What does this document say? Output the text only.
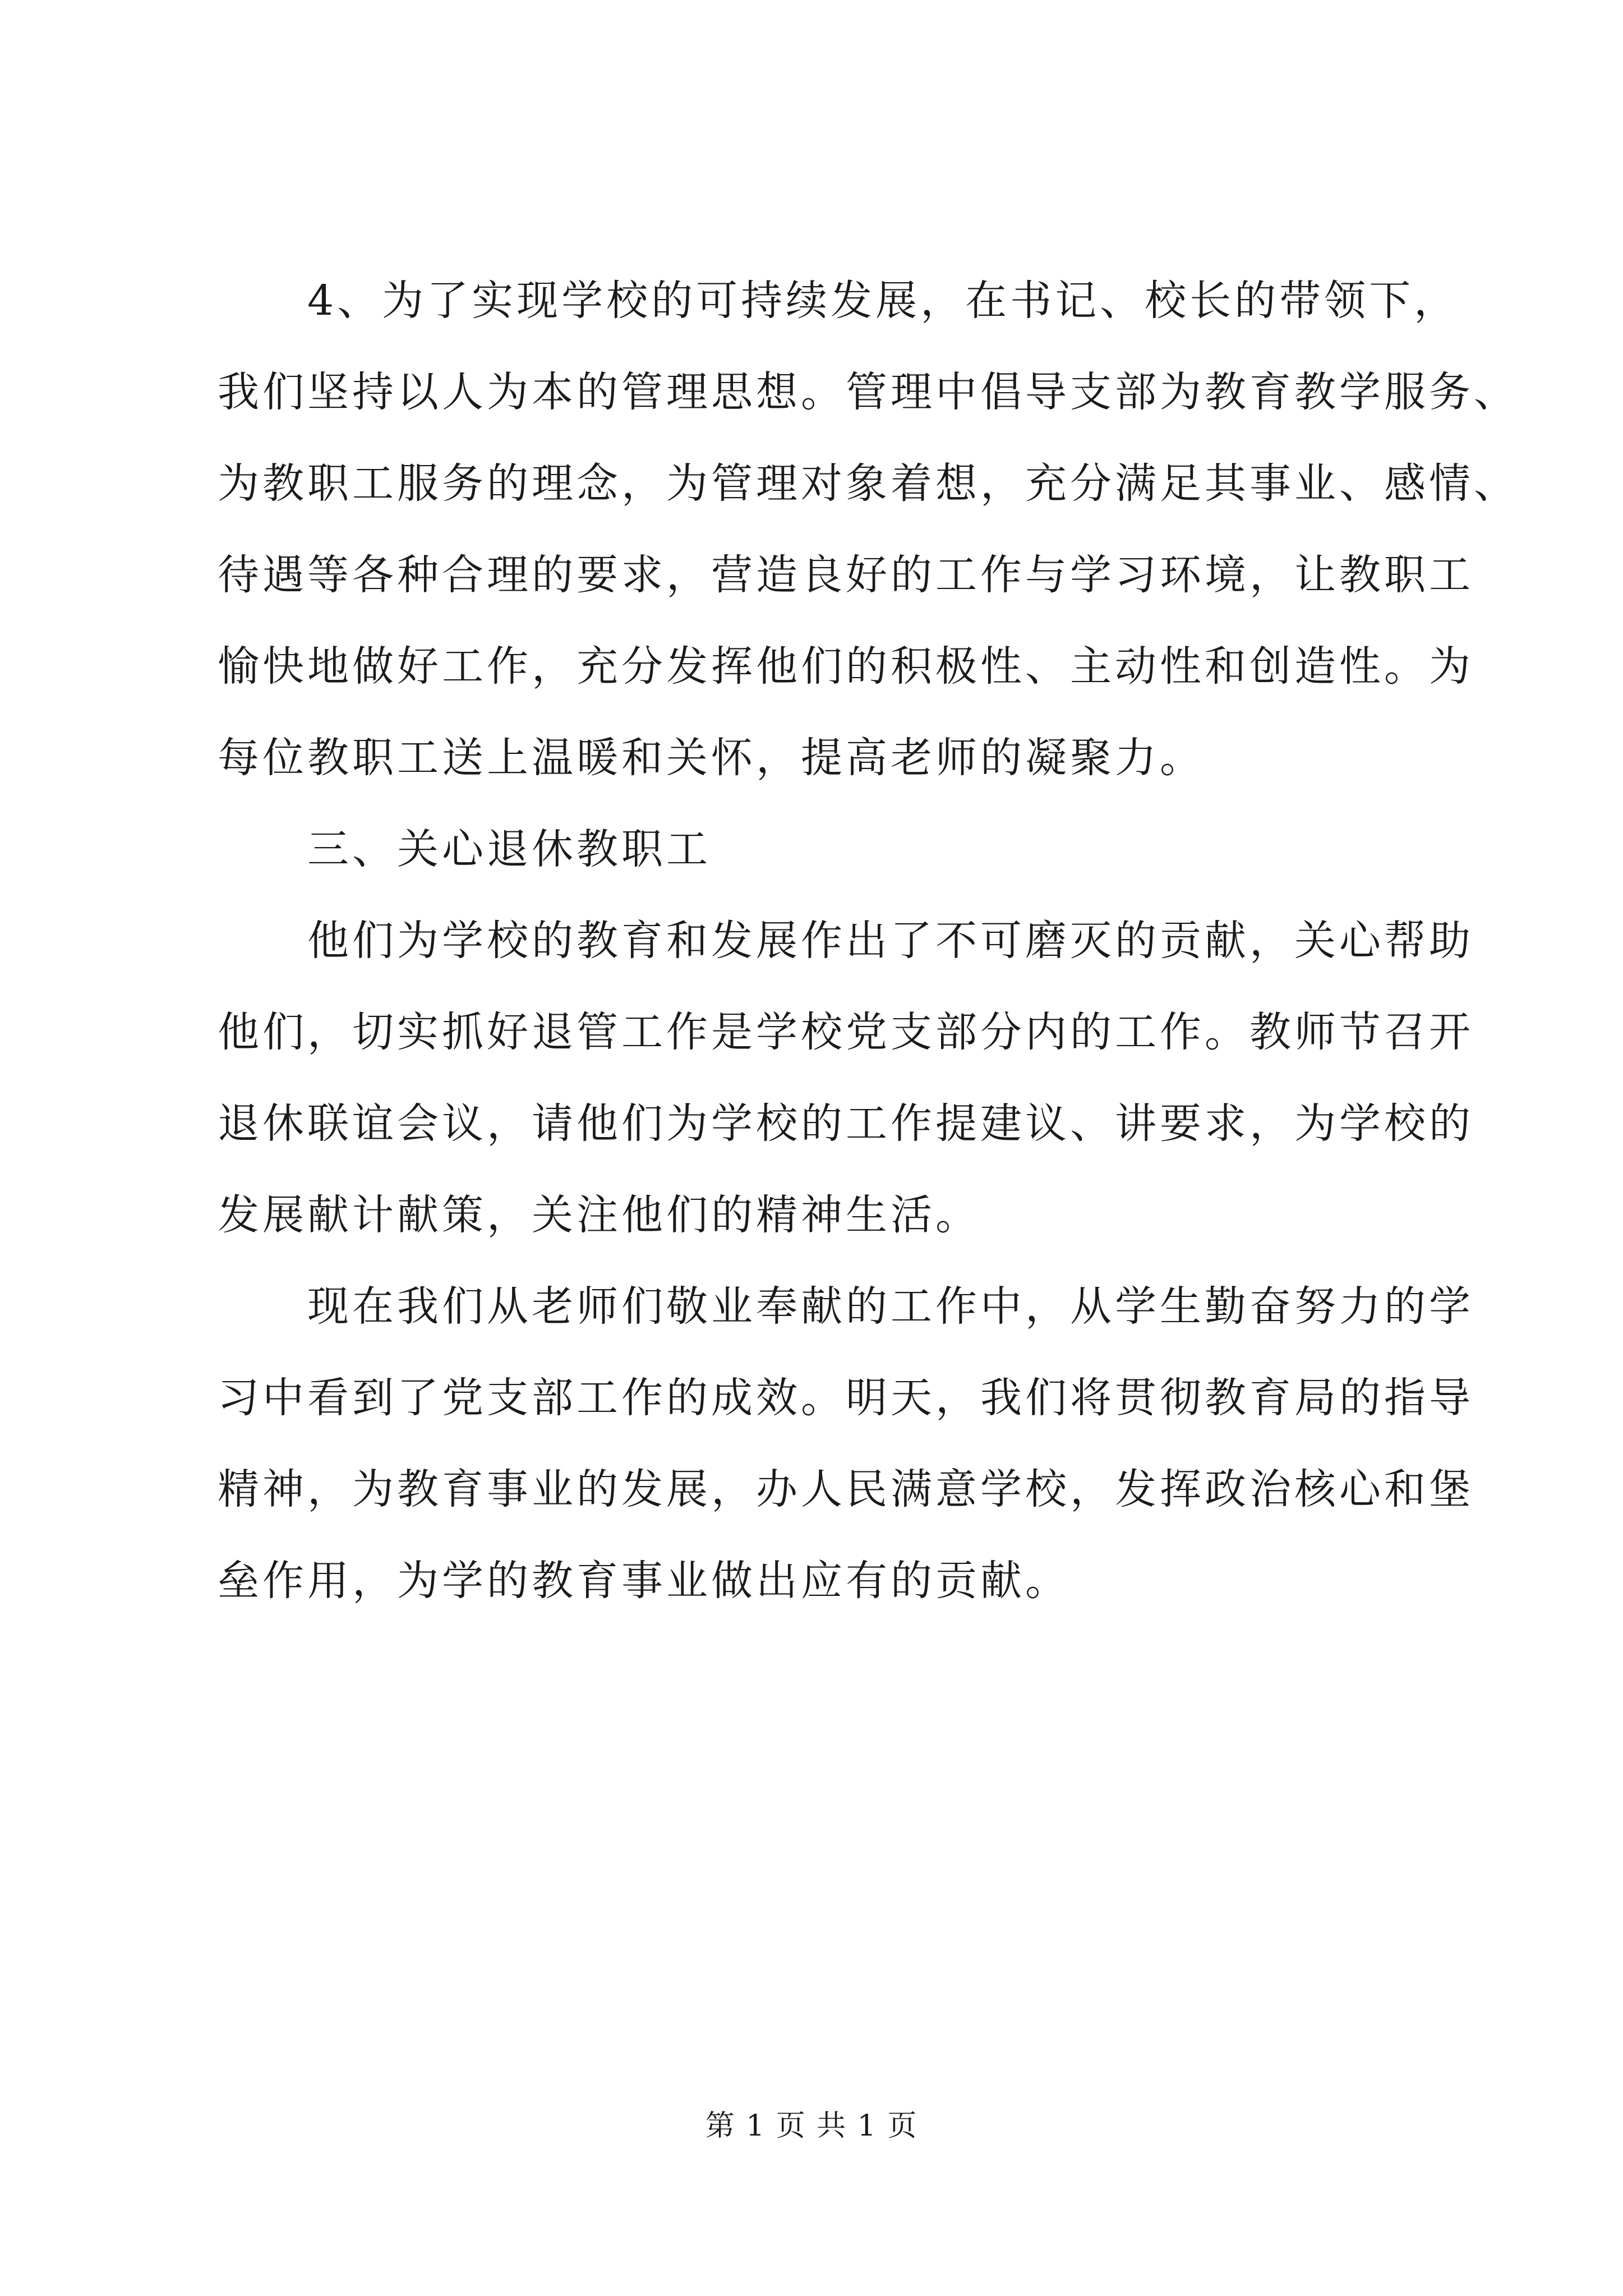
4、为了实现学校的可持续发展，在书记、校长的带领下，
我们坚持以人为本的管理思想。管理中倡导支部为教育教学服务、
为教职工服务的理念，为管理对象着想，充分满足其事业、感情、
待遇等各种合理的要求，营造良好的工作与学习环境，让教职工
愉快地做好工作，充分发挥他们的积极性、主动性和创造性。为
每位教职工送上温暖和关怀，提高老师的凝聚力。
三、关心退休教职工
他们为学校的教育和发展作出了不可磨灭的贡献，关心帮助
他们，切实抓好退管工作是学校党支部分内的工作。教师节召开
退休联谊会议，请他们为学校的工作提建议、讲要求，为学校的
发展献计献策，关注他们的精神生活。
现在我们从老师们敬业奉献的工作中，从学生勤奋努力的学
习中看到了党支部工作的成效。明天，我们将贯彻教育局的指导
精神，为教育事业的发展，办人民满意学校，发挥政治核心和堡
垒作用，为学的教育事业做出应有的贡献。
第 1 页 共 1 页
